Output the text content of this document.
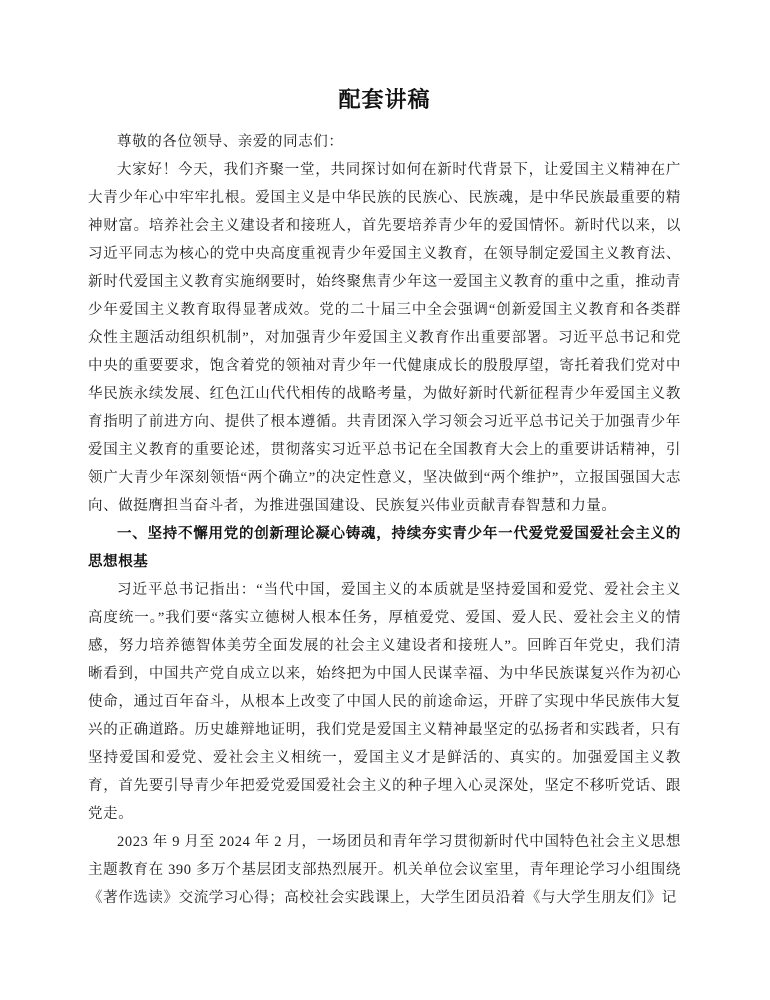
配套讲稿

尊敬的各位领导、亲爱的同志们：

大家好！今天，我们齐聚一堂，共同探讨如何在新时代背景下，让爱国主义精神在广大青少年心中牢牢扎根。爱国主义是中华民族的民族心、民族魂，是中华民族最重要的精神财富。培养社会主义建设者和接班人，首先要培养青少年的爱国情怀。新时代以来，以习近平同志为核心的党中央高度重视青少年爱国主义教育，在领导制定爱国主义教育法、新时代爱国主义教育实施纲要时，始终聚焦青少年这一爱国主义教育的重中之重，推动青少年爱国主义教育取得显著成效。党的二十届三中全会强调“创新爱国主义教育和各类群众性主题活动组织机制”，对加强青少年爱国主义教育作出重要部署。习近平总书记和党中央的重要要求，饱含着党的领袖对青少年一代健康成长的殷殷厚望，寄托着我们党对中华民族永续发展、红色江山代代相传的战略考量，为做好新时代新征程青少年爱国主义教育指明了前进方向、提供了根本遵循。共青团深入学习领会习近平总书记关于加强青少年爱国主义教育的重要论述，贯彻落实习近平总书记在全国教育大会上的重要讲话精神，引领广大青少年深刻领悟“两个确立”的决定性意义，坚决做到“两个维护”，立报国强国大志向、做挺膺担当奋斗者，为推进强国建设、民族复兴伟业贡献青春智慧和力量。

一、坚持不懈用党的创新理论凝心铸魂，持续夯实青少年一代爱党爱国爱社会主义的思想根基

习近平总书记指出：“当代中国，爱国主义的本质就是坚持爱国和爱党、爱社会主义高度统一。”我们要“落实立德树人根本任务，厚植爱党、爱国、爱人民、爱社会主义的情感，努力培养德智体美劳全面发展的社会主义建设者和接班人”。回眸百年党史，我们清晰看到，中国共产党自成立以来，始终把为中国人民谋幸福、为中华民族谋复兴作为初心使命，通过百年奋斗，从根本上改变了中国人民的前途命运，开辟了实现中华民族伟大复兴的正确道路。历史雄辩地证明，我们党是爱国主义精神最坚定的弘扬者和实践者，只有坚持爱国和爱党、爱社会主义相统一，爱国主义才是鲜活的、真实的。加强爱国主义教育，首先要引导青少年把爱党爱国爱社会主义的种子埋入心灵深处，坚定不移听党话、跟党走。

2023 年 9 月至 2024 年 2 月，一场团员和青年学习贯彻新时代中国特色社会主义思想主题教育在 390 多万个基层团支部热烈展开。机关单位会议室里，青年理论学习小组围绕《著作选读》交流学习心得；高校社会实践课上，大学生团员沿着《与大学生朋友们》记
